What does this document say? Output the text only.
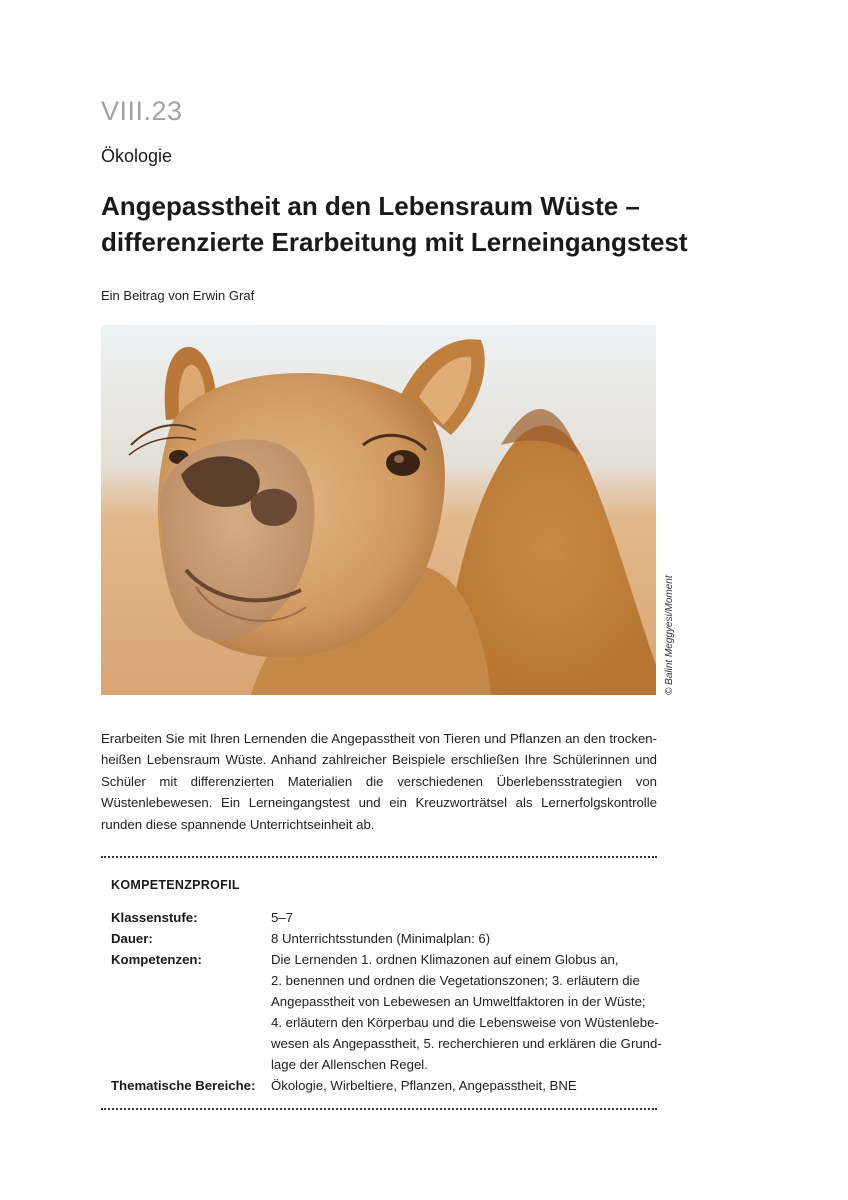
VIII.23
Ökologie
Angepasstheit an den Lebensraum Wüste –
differenzierte Erarbeitung mit Lerneingangstest
Ein Beitrag von Erwin Graf
© Balint Meggyesi/Moment

Erarbeiten Sie mit Ihren Lernenden die Angepasstheit von Tieren und Pflanzen an den trocken-heißen Lebensraum Wüste. Anhand zahlreicher Beispiele erschließen Ihre Schülerinnen und Schüler mit differenzierten Materialien die verschiedenen Überlebensstrategien von Wüstenlebewesen. Ein Lerneingangstest und ein Kreuzworträtsel als Lernerfolgskontrolle runden diese spannende Unterrichtseinheit ab.

KOMPETENZPROFIL
Klassenstufe:	5–7
Dauer:	8 Unterrichtsstunden (Minimalplan: 6)
Kompetenzen:	Die Lernenden 1. ordnen Klimazonen auf einem Globus an,
2. benennen und ordnen die Vegetationszonen; 3. erläutern die
Angepasstheit von Lebewesen an Umweltfaktoren in der Wüste;
4. erläutern den Körperbau und die Lebensweise von Wüstenlebe-
wesen als Angepasstheit, 5. recherchieren und erklären die Grund-
lage der Allenschen Regel.
Thematische Bereiche: Ökologie, Wirbeltiere, Pflanzen, Angepasstheit, BNE
